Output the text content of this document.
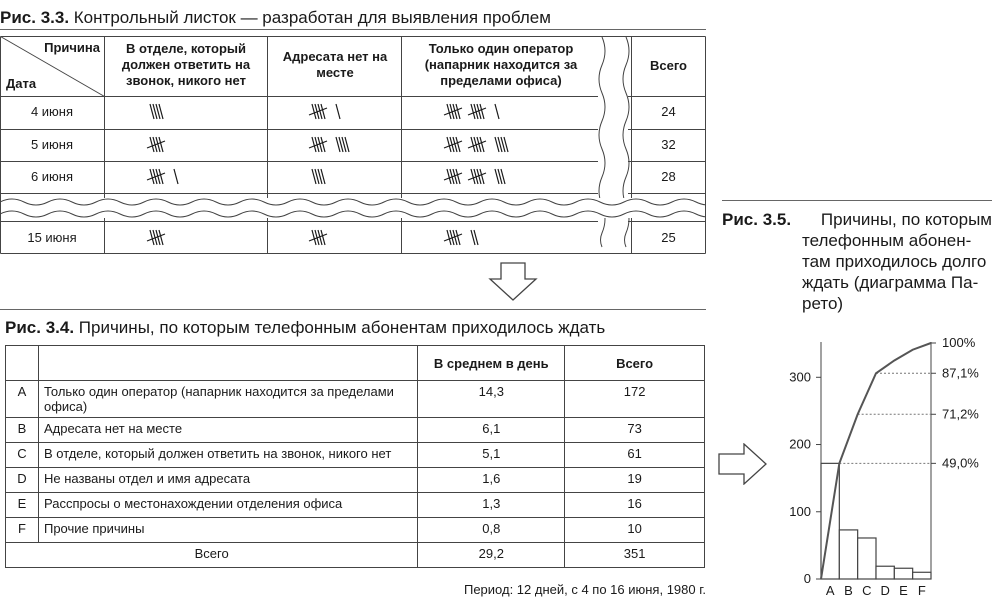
Рис. 3.3. Контрольный листок — разработан для выявления проблем
Причина
Дата
В отделе, который должен ответить на звонок, никого нет
Адресата нет на месте
Только один оператор (напарник находится за пределами офиса)
Всего
4 июня	24
5 июня	32
6 июня	28
15 июня	25
Рис. 3.4. Причины, по которым телефонным абонентам приходилось ждать
		В среднем в день	Всего
A	Только один оператор (напарник находится за пределами офиса)	14,3	172
B	Адресата нет на месте	6,1	73
C	В отделе, который должен ответить на звонок, никого нет	5,1	61
D	Не названы отдел и имя адресата	1,6	19
E	Расспросы о местонахождении отделения офиса	1,3	16
F	Прочие причины	0,8	10
Всего		29,2	351
Период: 12 дней, с 4 по 16 июня, 1980 г.
Рис. 3.5. Причины, по которым
телефонным абонен-
там приходилось долго
ждать (диаграмма Па-
рето)
0
100
200
300
A B C D E F
49,0%
71,2%
87,1%
100%
